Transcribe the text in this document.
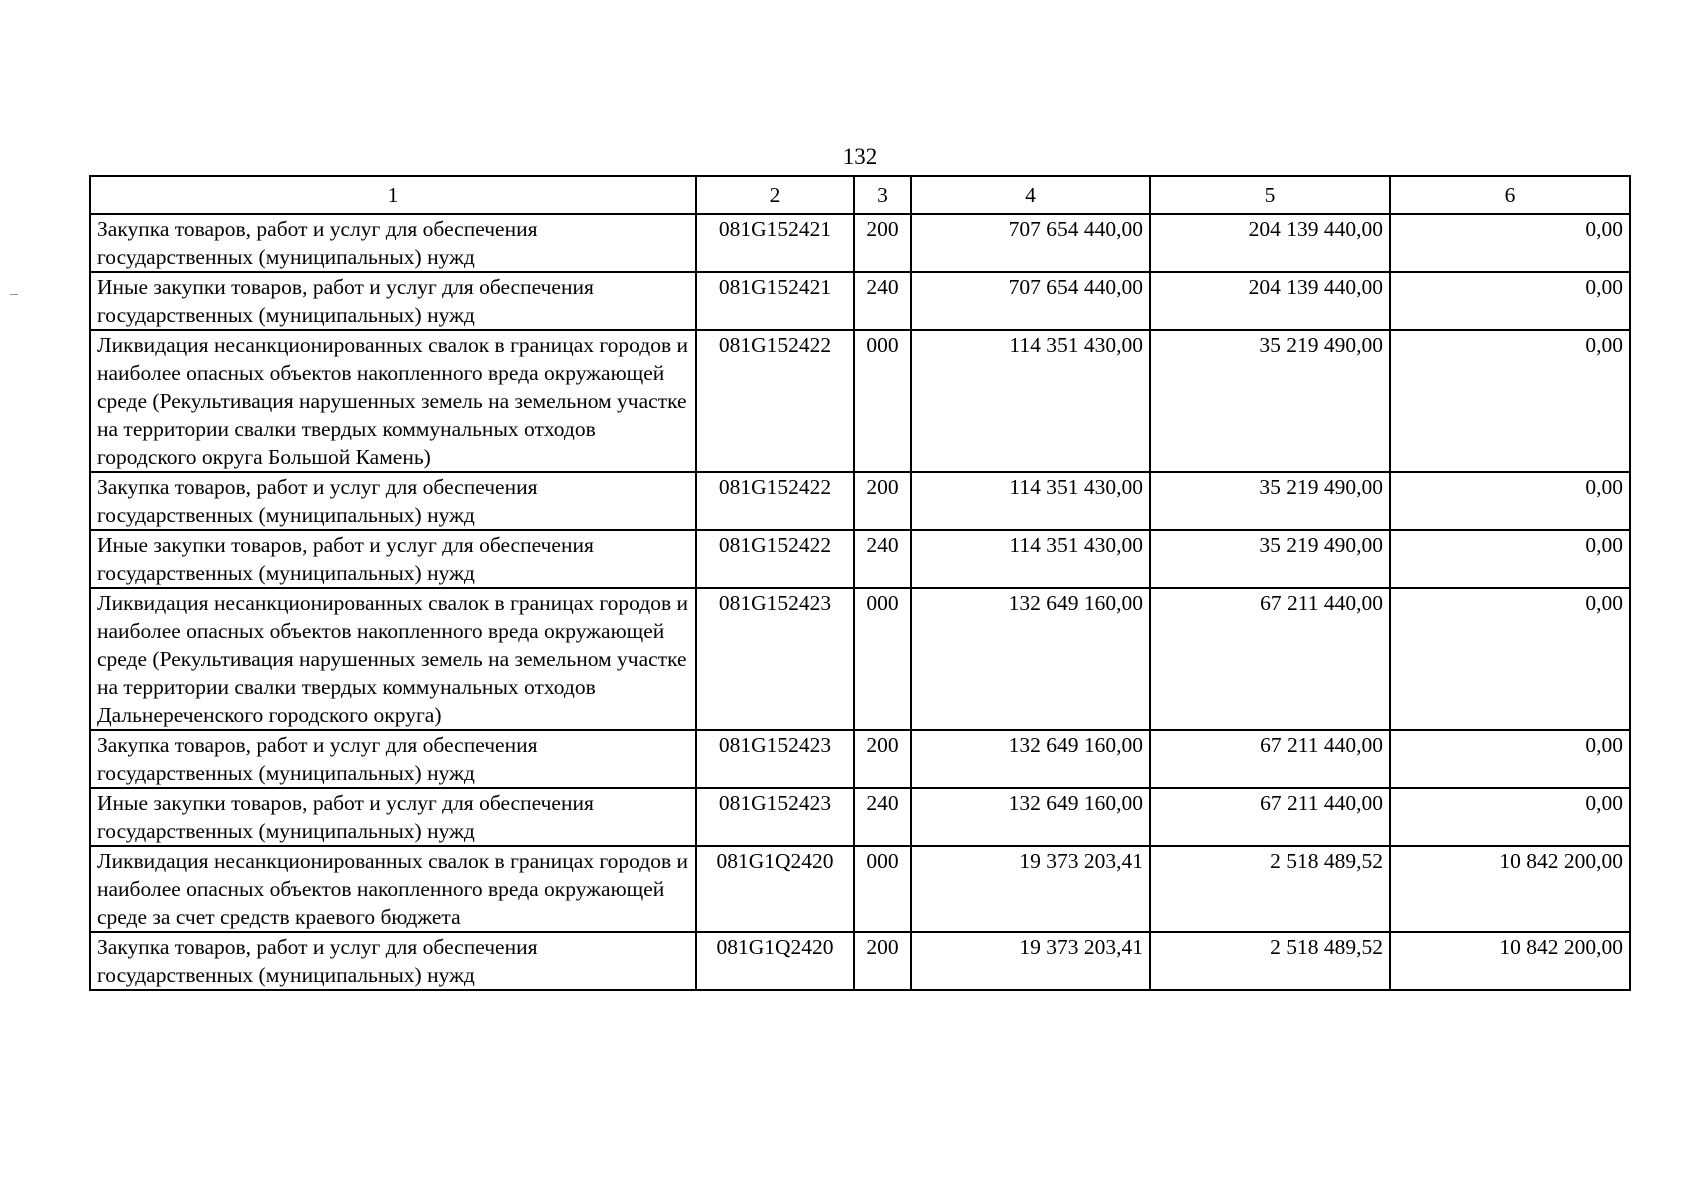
132
1	2	3	4	5	6
Закупка товаров, работ и услуг для обеспечения государственных (муниципальных) нужд	081G152421	200	707 654 440,00	204 139 440,00	0,00
Иные закупки товаров, работ и услуг для обеспечения государственных (муниципальных) нужд	081G152421	240	707 654 440,00	204 139 440,00	0,00
Ликвидация несанкционированных свалок в границах городов и наиболее опасных объектов накопленного вреда окружающей среде (Рекультивация нарушенных земель на земельном участке на территории свалки твердых коммунальных отходов городского округа Большой Камень)	081G152422	000	114 351 430,00	35 219 490,00	0,00
Закупка товаров, работ и услуг для обеспечения государственных (муниципальных) нужд	081G152422	200	114 351 430,00	35 219 490,00	0,00
Иные закупки товаров, работ и услуг для обеспечения государственных (муниципальных) нужд	081G152422	240	114 351 430,00	35 219 490,00	0,00
Ликвидация несанкционированных свалок в границах городов и наиболее опасных объектов накопленного вреда окружающей среде (Рекультивация нарушенных земель на земельном участке на территории свалки твердых коммунальных отходов Дальнереченского городского округа)	081G152423	000	132 649 160,00	67 211 440,00	0,00
Закупка товаров, работ и услуг для обеспечения государственных (муниципальных) нужд	081G152423	200	132 649 160,00	67 211 440,00	0,00
Иные закупки товаров, работ и услуг для обеспечения государственных (муниципальных) нужд	081G152423	240	132 649 160,00	67 211 440,00	0,00
Ликвидация несанкционированных свалок в границах городов и наиболее опасных объектов накопленного вреда окружающей среде за счет средств краевого бюджета	081G1Q2420	000	19 373 203,41	2 518 489,52	10 842 200,00
Закупка товаров, работ и услуг для обеспечения государственных (муниципальных) нужд	081G1Q2420	200	19 373 203,41	2 518 489,52	10 842 200,00
